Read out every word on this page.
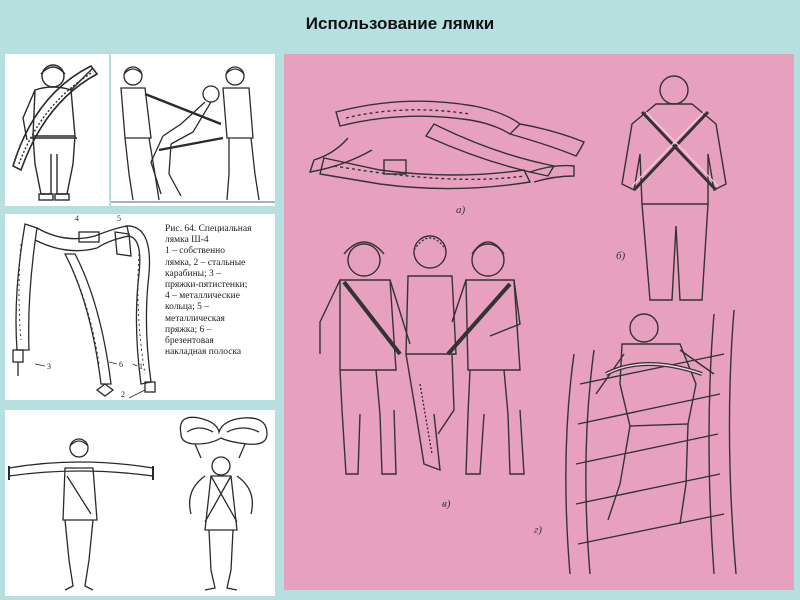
Использование лямки
4	5
3	6 1
2
Рис. 64. Специальная
лямка Ш-4
1 – собственно
лямка, 2 – стальные
карабины; 3 –
пряжки-пятистенки;
4 – металлические
кольца; 5 –
металлическая
пряжка; 6 –
брезентовая
накладная полоска
а)
б)
в)
г)
